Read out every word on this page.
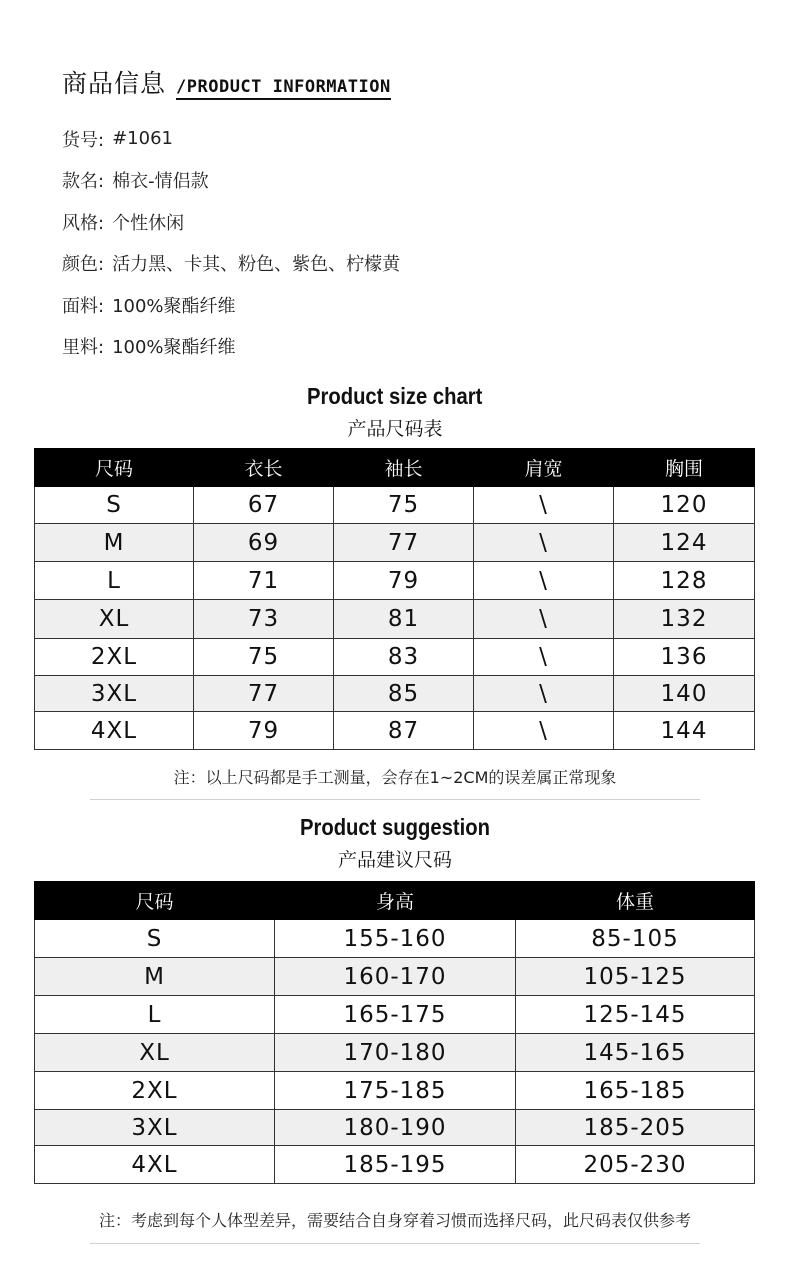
商品信息 /PRODUCT INFORMATION
货号: #1061
款名: 棉衣-情侣款
风格: 个性休闲
颜色: 活力黑、卡其、粉色、紫色、柠檬黄
面料: 100%聚酯纤维
里料: 100%聚酯纤维
Product size chart
产品尺码表
尺码	衣长	袖长	肩宽	胸围
S	67	75	\	120
M	69	77	\	124
L	71	79	\	128
XL	73	81	\	132
2XL	75	83	\	136
3XL	77	85	\	140
4XL	79	87	\	144
注：以上尺码都是手工测量，会存在1~2CM的误差属正常现象
Product suggestion
产品建议尺码
尺码	身高	体重
S	155-160	85-105
M	160-170	105-125
L	165-175	125-145
XL	170-180	145-165
2XL	175-185	165-185
3XL	180-190	185-205
4XL	185-195	205-230
注：考虑到每个人体型差异，需要结合自身穿着习惯而选择尺码，此尺码表仅供参考
